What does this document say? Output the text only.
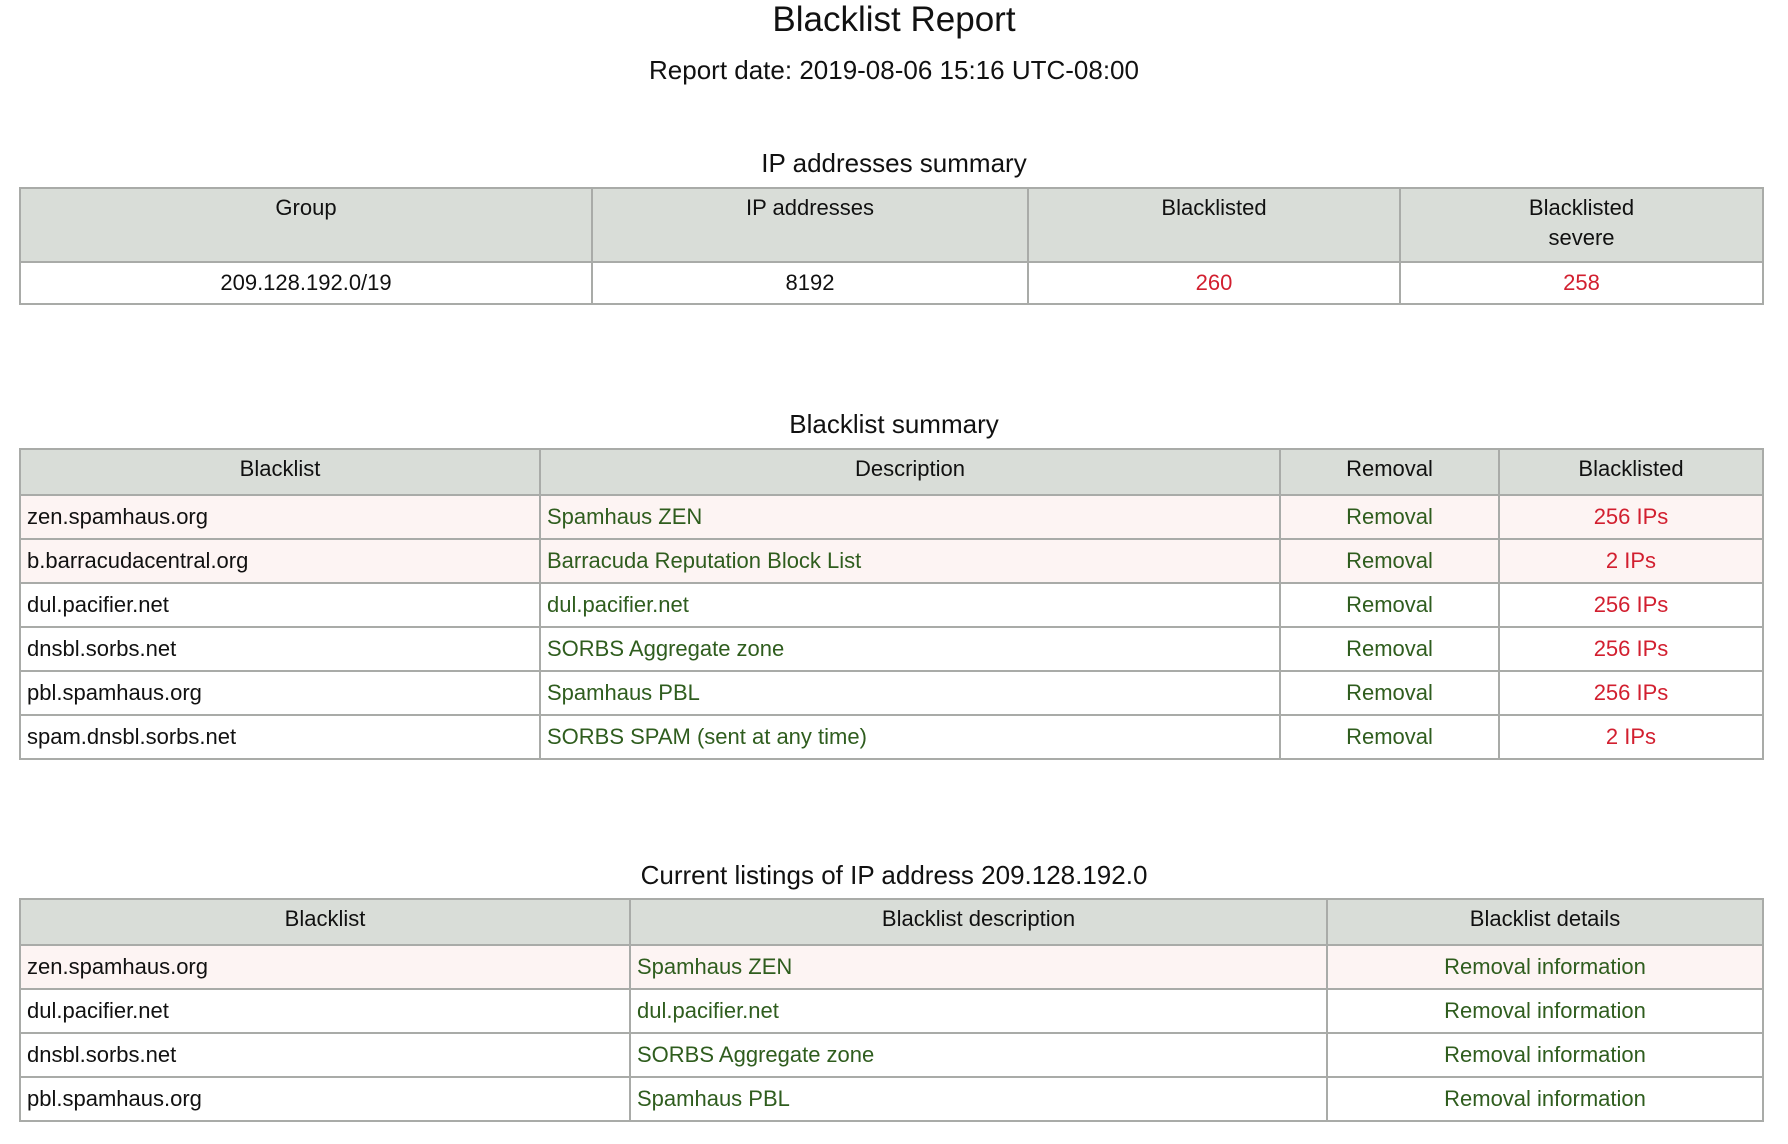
Blacklist Report
Report date: 2019-08-06 15:16 UTC-08:00
IP addresses summary
Group	IP addresses	Blacklisted	Blacklisted
severe
209.128.192.0/19	8192	260	258
Blacklist summary
Blacklist	Description	Removal	Blacklisted
zen.spamhaus.org	Spamhaus ZEN	Removal	256 IPs
b.barracudacentral.org	Barracuda Reputation Block List	Removal	2 IPs
dul.pacifier.net	dul.pacifier.net	Removal	256 IPs
dnsbl.sorbs.net	SORBS Aggregate zone	Removal	256 IPs
pbl.spamhaus.org	Spamhaus PBL	Removal	256 IPs
spam.dnsbl.sorbs.net	SORBS SPAM (sent at any time)	Removal	2 IPs
Current listings of IP address 209.128.192.0
Blacklist	Blacklist description	Blacklist details
zen.spamhaus.org	Spamhaus ZEN	Removal information
dul.pacifier.net	dul.pacifier.net	Removal information
dnsbl.sorbs.net	SORBS Aggregate zone	Removal information
pbl.spamhaus.org	Spamhaus PBL	Removal information
